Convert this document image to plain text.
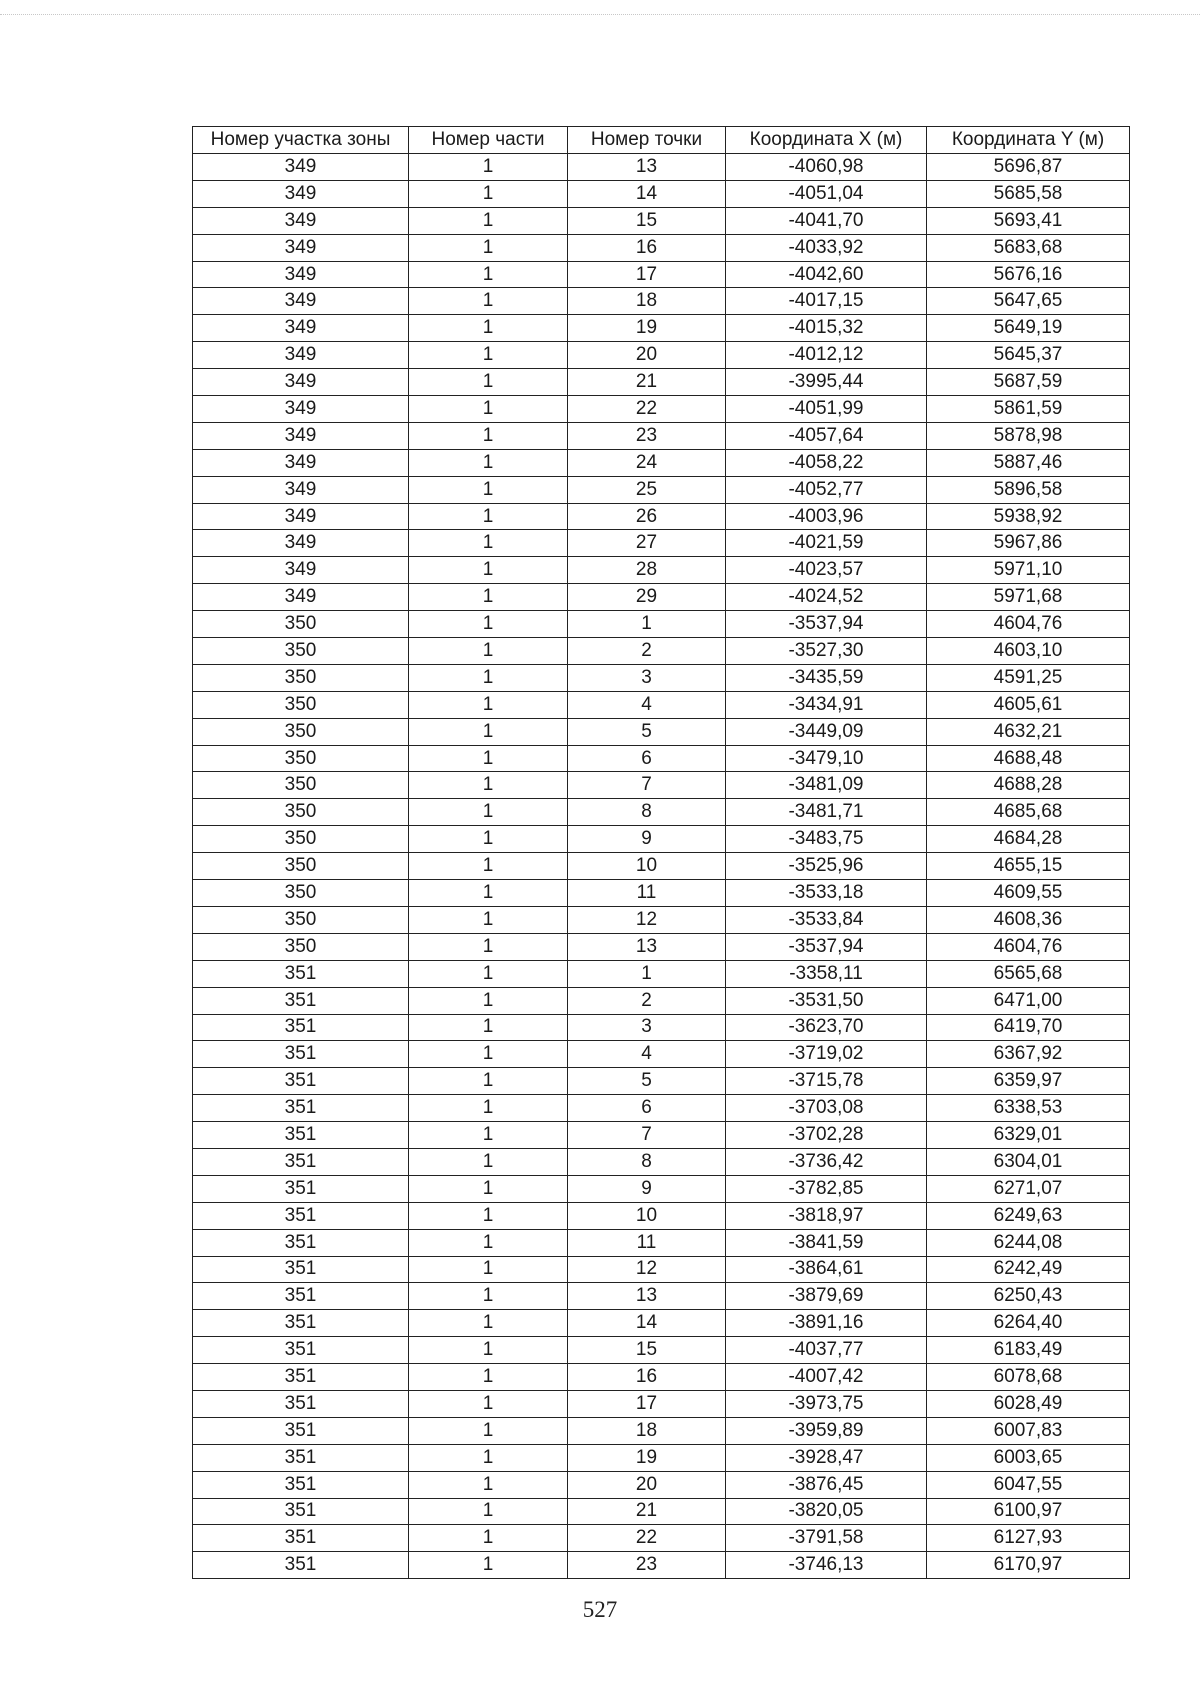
Номер участка зоны	Номер части	Номер точки	Координата X (м)	Координата Y (м)
349	1	13	-4060,98	5696,87
349	1	14	-4051,04	5685,58
349	1	15	-4041,70	5693,41
349	1	16	-4033,92	5683,68
349	1	17	-4042,60	5676,16
349	1	18	-4017,15	5647,65
349	1	19	-4015,32	5649,19
349	1	20	-4012,12	5645,37
349	1	21	-3995,44	5687,59
349	1	22	-4051,99	5861,59
349	1	23	-4057,64	5878,98
349	1	24	-4058,22	5887,46
349	1	25	-4052,77	5896,58
349	1	26	-4003,96	5938,92
349	1	27	-4021,59	5967,86
349	1	28	-4023,57	5971,10
349	1	29	-4024,52	5971,68
350	1	1	-3537,94	4604,76
350	1	2	-3527,30	4603,10
350	1	3	-3435,59	4591,25
350	1	4	-3434,91	4605,61
350	1	5	-3449,09	4632,21
350	1	6	-3479,10	4688,48
350	1	7	-3481,09	4688,28
350	1	8	-3481,71	4685,68
350	1	9	-3483,75	4684,28
350	1	10	-3525,96	4655,15
350	1	11	-3533,18	4609,55
350	1	12	-3533,84	4608,36
350	1	13	-3537,94	4604,76
351	1	1	-3358,11	6565,68
351	1	2	-3531,50	6471,00
351	1	3	-3623,70	6419,70
351	1	4	-3719,02	6367,92
351	1	5	-3715,78	6359,97
351	1	6	-3703,08	6338,53
351	1	7	-3702,28	6329,01
351	1	8	-3736,42	6304,01
351	1	9	-3782,85	6271,07
351	1	10	-3818,97	6249,63
351	1	11	-3841,59	6244,08
351	1	12	-3864,61	6242,49
351	1	13	-3879,69	6250,43
351	1	14	-3891,16	6264,40
351	1	15	-4037,77	6183,49
351	1	16	-4007,42	6078,68
351	1	17	-3973,75	6028,49
351	1	18	-3959,89	6007,83
351	1	19	-3928,47	6003,65
351	1	20	-3876,45	6047,55
351	1	21	-3820,05	6100,97
351	1	22	-3791,58	6127,93
351	1	23	-3746,13	6170,97
527
